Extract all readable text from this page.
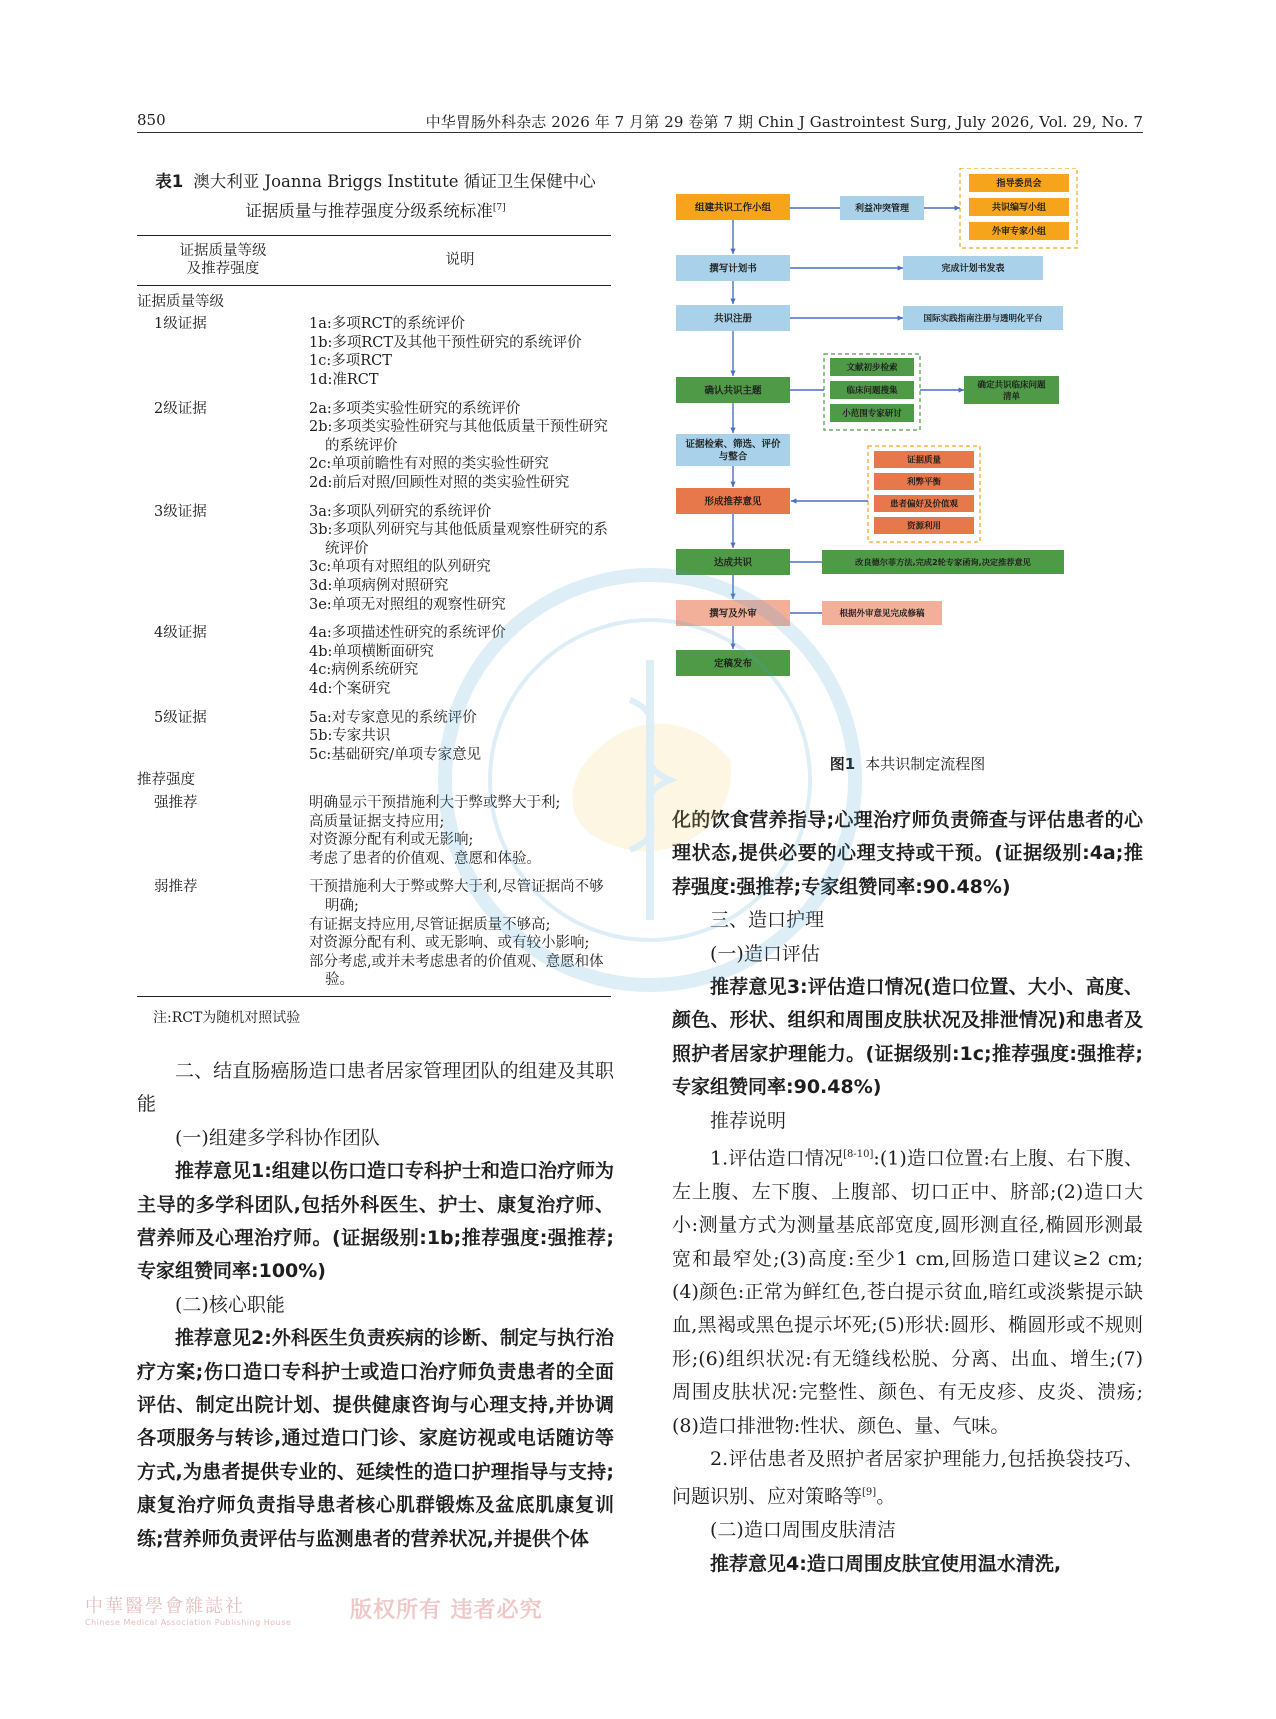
850	中华胃肠外科杂志 2026 年 7 月第 29 卷第 7 期 Chin J Gastrointest Surg, July 2026, Vol. 29, No. 7
表1 澳大利亚 Joanna Briggs Institute 循证卫生保健中心
证据质量与推荐强度分级系统标准[7]
证据质量等级
及推荐强度	说明
证据质量等级	
1级证据	1a:多项RCT的系统评价
1b:多项RCT及其他干预性研究的系统评价
1c:多项RCT
1d:准RCT

2级证据	2a:多项类实验性研究的系统评价
2b:多项类实验性研究与其他低质量干预性研究的系统评价
2c:单项前瞻性有对照的类实验性研究
2d:前后对照/回顾性对照的类实验性研究

3级证据	3a:多项队列研究的系统评价
3b:多项队列研究与其他低质量观察性研究的系统评价
3c:单项有对照组的队列研究
3d:单项病例对照研究
3e:单项无对照组的观察性研究

4级证据	4a:多项描述性研究的系统评价
4b:单项横断面研究
4c:病例系统研究
4d:个案研究

5级证据	5a:对专家意见的系统评价
5b:专家共识
5c:基础研究/单项专家意见

推荐强度	
强推荐	明确显示干预措施利大于弊或弊大于利;
高质量证据支持应用;
对资源分配有利或无影响;
考虑了患者的价值观、意愿和体验。

弱推荐	干预措施利大于弊或弊大于利,尽管证据尚不够明确;
有证据支持应用,尽管证据质量不够高;
对资源分配有利、或无影响、或有较小影响;
部分考虑,或并未考虑患者的价值观、意愿和体验。
注:RCT为随机对照试验

二、结直肠癌肠造口患者居家管理团队的组建及其职能

(一)组建多学科协作团队

推荐意见1:组建以伤口造口专科护士和造口治疗师为主导的多学科团队,包括外科医生、护士、康复治疗师、营养师及心理治疗师。(证据级别:1b;推荐强度:强推荐;专家组赞同率:100%)

(二)核心职能

推荐意见2:外科医生负责疾病的诊断、制定与执行治疗方案;伤口造口专科护士或造口治疗师负责患者的全面评估、制定出院计划、提供健康咨询与心理支持,并协调各项服务与转诊,通过造口门诊、家庭访视或电话随访等方式,为患者提供专业的、延续性的造口护理指导与支持;康复治疗师负责指导患者核心肌群锻炼及盆底肌康复训练;营养师负责评估与监测患者的营养状况,并提供个体

组建共识工作小组
撰写计划书
共识注册
确认共识主题
证据检索、筛选、评价
与整合
形成推荐意见
达成共识
撰写及外审
定稿发布
利益冲突管理
指导委员会
共识编写小组
外审专家小组
完成计划书发表
国际实践指南注册与透明化平台
文献初步检索
临床问题搜集
小范围专家研讨
确定共识临床问题
清单
证据质量
利弊平衡
患者偏好及价值观
资源利用
改良德尔菲方法,完成2轮专家函询,决定推荐意见
根据外审意见完成修稿
图1 本共识制定流程图

化的饮食营养指导;心理治疗师负责筛查与评估患者的心理状态,提供必要的心理支持或干预。(证据级别:4a;推荐强度:强推荐;专家组赞同率:90.48%)

三、造口护理

(一)造口评估

推荐意见3:评估造口情况(造口位置、大小、高度、颜色、形状、组织和周围皮肤状况及排泄情况)和患者及照护者居家护理能力。(证据级别:1c;推荐强度:强推荐;专家组赞同率:90.48%)

推荐说明

1.评估造口情况[8-10]:(1)造口位置:右上腹、右下腹、左上腹、左下腹、上腹部、切口正中、脐部;(2)造口大小:测量方式为测量基底部宽度,圆形测直径,椭圆形测最宽和最窄处;(3)高度:至少1 cm,回肠造口建议≥2 cm;(4)颜色:正常为鲜红色,苍白提示贫血,暗红或淡紫提示缺血,黑褐或黑色提示坏死;(5)形状:圆形、椭圆形或不规则形;(6)组织状况:有无缝线松脱、分离、出血、增生;(7)周围皮肤状况:完整性、颜色、有无皮疹、皮炎、溃疡;(8)造口排泄物:性状、颜色、量、气味。

2.评估患者及照护者居家护理能力,包括换袋技巧、问题识别、应对策略等[9]。

(二)造口周围皮肤清洁

推荐意见4:造口周围皮肤宜使用温水清洗,

中華醫學會雜誌社
Chinese Medical Association Publishing House	版权所有 违者必究
